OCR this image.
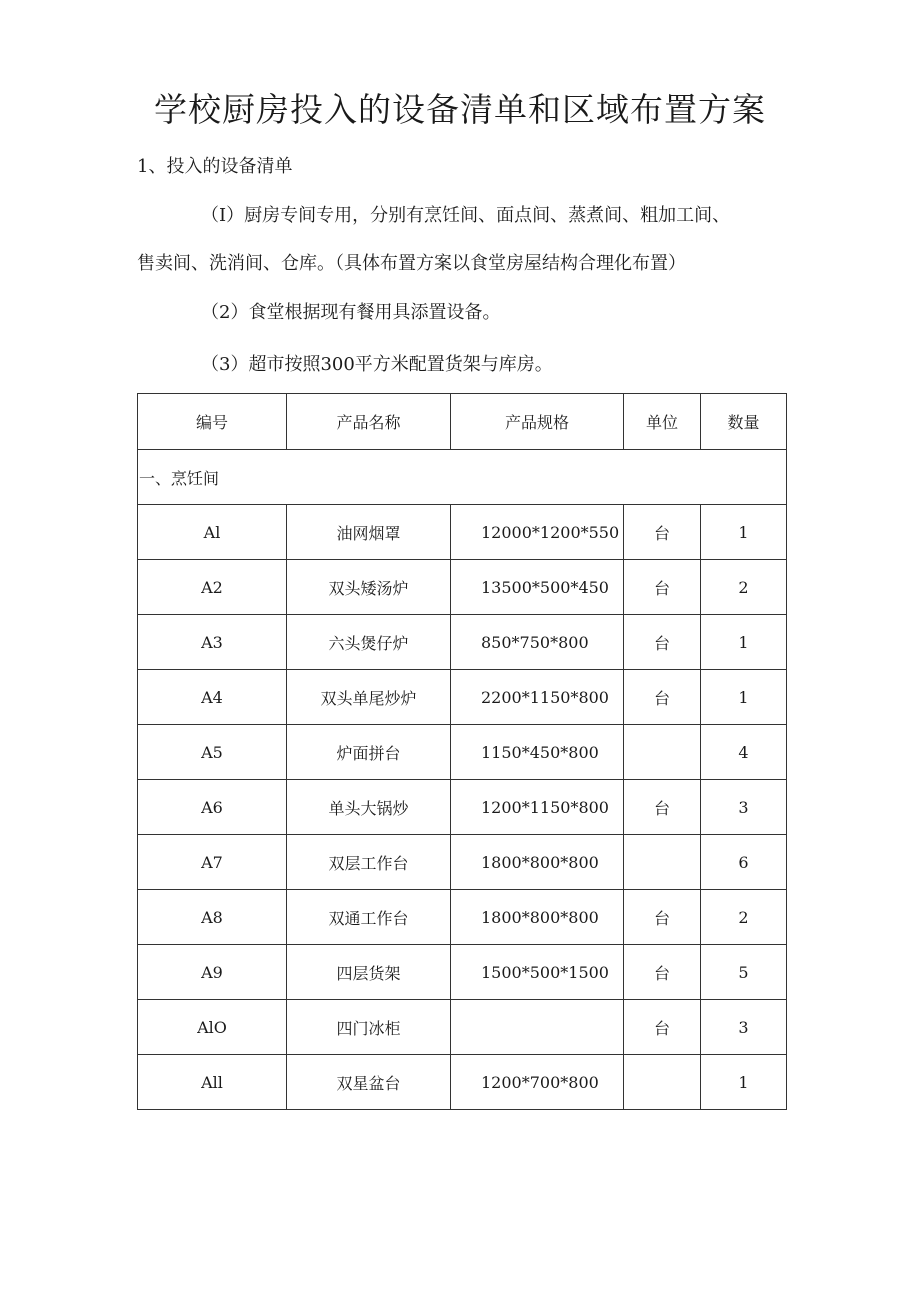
学校厨房投入的设备清单和区域布置方案
1、投入的设备清单
（I）厨房专间专用，分别有烹饪间、面点间、蒸煮间、粗加工间、
售卖间、洗消间、仓库。（具体布置方案以食堂房屋结构合理化布置）
（2）食堂根据现有餐用具添置设备。
（3）超市按照300平方米配置货架与库房。
编号	产品名称	产品规格	单位	数量
一、烹饪间				
Al	油网烟罩	12000*1200*550	台	1
A2	双头矮汤炉	13500*500*450	台	2
A3	六头煲仔炉	850*750*800	台	1
A4	双头单尾炒炉	2200*1150*800	台	1
A5	炉面拼台	1150*450*800		4
A6	单头大锅炒	1200*1150*800	台	3
A7	双层工作台	1800*800*800		6
A8	双通工作台	1800*800*800	台	2
A9	四层货架	1500*500*1500	台	5
AlO	四门冰柜		台	3
All	双星盆台	1200*700*800		1
